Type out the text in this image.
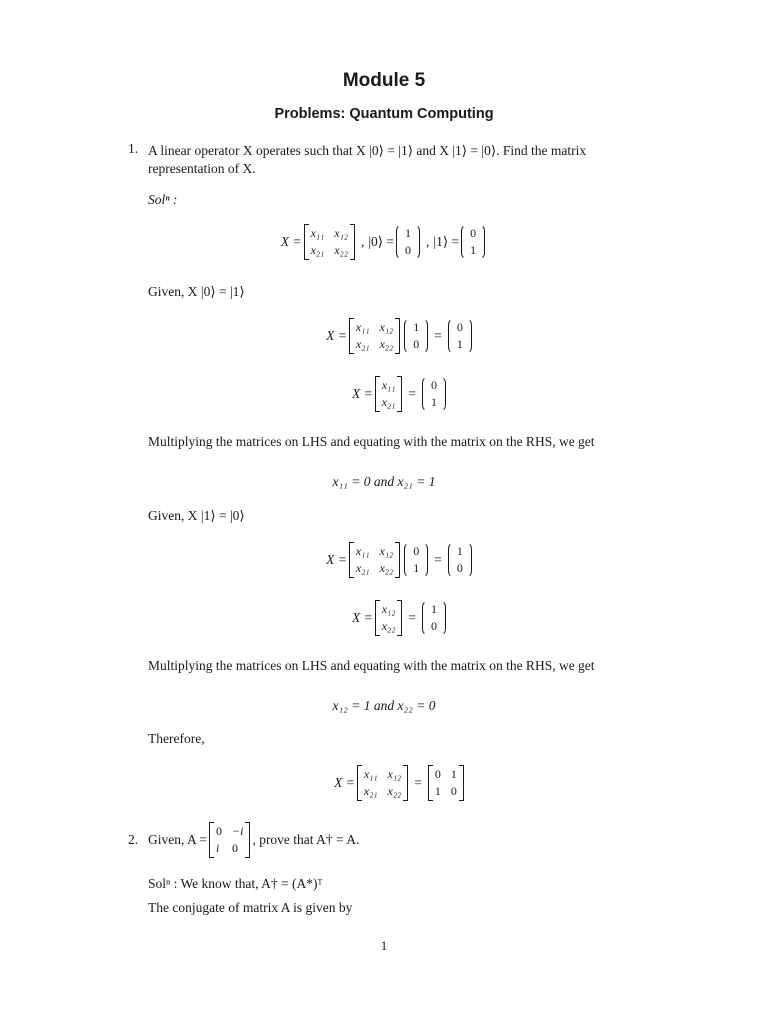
Module 5
Problems: Quantum Computing
1. A linear operator X operates such that X |0⟩ = |1⟩ and X |1⟩ = |0⟩. Find the matrix
representation of X.
Solⁿ :
X =
x₁₁ x₁₂
x₂₁ x₂₂
, |0⟩ =
1
0
, |1⟩ =
0
1
Given, X |0⟩ = |1⟩
X =
x₁₁ x₁₂
x₂₁ x₂₂
1
0
=
0
1
X =
x₁₁
x₂₁
=
0
1
Multiplying the matrices on LHS and equating with the matrix on the RHS, we get
x₁₁ = 0 and x₂₁ = 1
Given, X |1⟩ = |0⟩
X =
x₁₁ x₁₂
x₂₁ x₂₂
0
1
=
1
0
X =
x₁₂
x₂₂
=
1
0
Multiplying the matrices on LHS and equating with the matrix on the RHS, we get
x₁₂ = 1 and x₂₂ = 0
Therefore,
X =
x₁₁ x₁₂
x₂₁ x₂₂
=
0 1
1 0
2. Given, A =
0 −i
i 0
, prove that A† = A.
Solⁿ : We know that, A† = (A*)ᵀ
The conjugate of matrix A is given by
1
